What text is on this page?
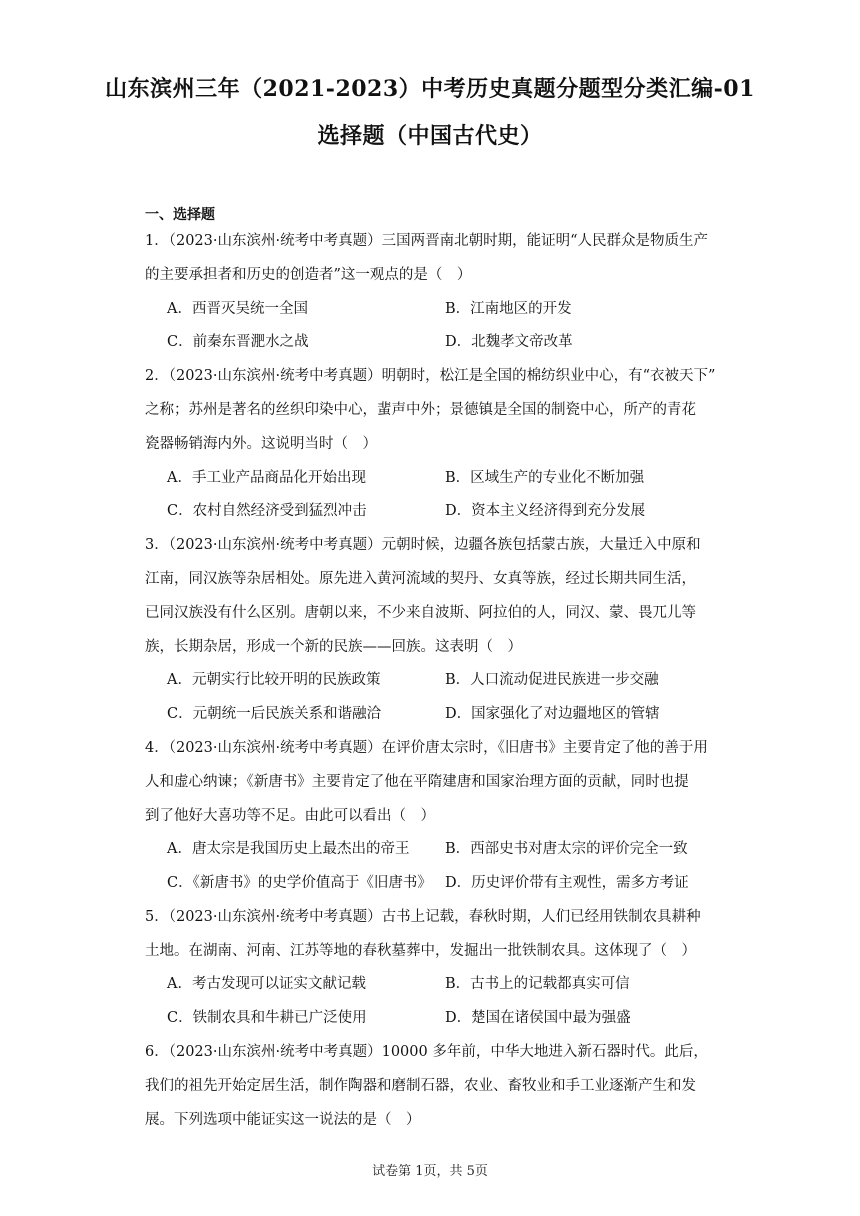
山东滨州三年（2021-2023）中考历史真题分题型分类汇编-01
选择题（中国古代史）
一、选择题
1．（2023·山东滨州·统考中考真题）三国两晋南北朝时期，能证明“人民群众是物质生产
的主要承担者和历史的创造者”这一观点的是（　）
A．西晋灭吴统一全国	B．江南地区的开发
C．前秦东晋淝水之战	D．北魏孝文帝改革
2．（2023·山东滨州·统考中考真题）明朝时，松江是全国的棉纺织业中心，有“衣被天下”
之称；苏州是著名的丝织印染中心，蜚声中外；景德镇是全国的制瓷中心，所产的青花
瓷器畅销海内外。这说明当时（　）
A．手工业产品商品化开始出现	B．区域生产的专业化不断加强
C．农村自然经济受到猛烈冲击	D．资本主义经济得到充分发展
3．（2023·山东滨州·统考中考真题）元朝时候，边疆各族包括蒙古族，大量迁入中原和
江南，同汉族等杂居相处。原先进入黄河流域的契丹、女真等族，经过长期共同生活，
已同汉族没有什么区别。唐朝以来，不少来自波斯、阿拉伯的人，同汉、蒙、畏兀儿等
族，长期杂居，形成一个新的民族——回族。这表明（　）
A．元朝实行比较开明的民族政策	B．人口流动促进民族进一步交融
C．元朝统一后民族关系和谐融洽	D．国家强化了对边疆地区的管辖
4．（2023·山东滨州·统考中考真题）在评价唐太宗时，《旧唐书》主要肯定了他的善于用
人和虚心纳谏；《新唐书》主要肯定了他在平隋建唐和国家治理方面的贡献，同时也提
到了他好大喜功等不足。由此可以看出（　）
A．唐太宗是我国历史上最杰出的帝王 B．西部史书对唐太宗的评价完全一致
C．《新唐书》的史学价值高于《旧唐书》 D．历史评价带有主观性，需多方考证
5．（2023·山东滨州·统考中考真题）古书上记载，春秋时期，人们已经用铁制农具耕种
土地。在湖南、河南、江苏等地的春秋墓葬中，发掘出一批铁制农具。这体现了（　）
A．考古发现可以证实文献记载	B．古书上的记载都真实可信
C．铁制农具和牛耕已广泛使用	D．楚国在诸侯国中最为强盛
6．（2023·山东滨州·统考中考真题）10000 多年前，中华大地进入新石器时代。此后，
我们的祖先开始定居生活，制作陶器和磨制石器，农业、畜牧业和手工业逐渐产生和发
展。下列选项中能证实这一说法的是（　）
试卷第 1页，共 5页
